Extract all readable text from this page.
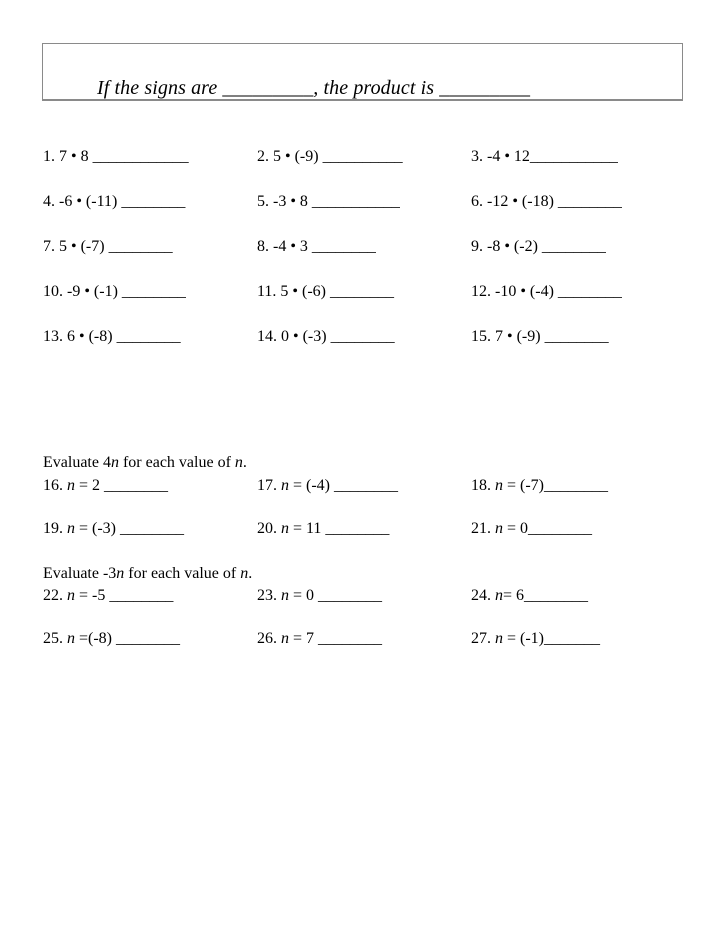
If the signs are _________, the product is _________
1. 7 • 8 ____________	2. 5 • (-9) __________	3. -4 • 12___________
4. -6 • (-11) ________	5. -3 • 8 ___________	6. -12 • (-18) ________
7. 5 • (-7) ________	8. -4 • 3 ________	9. -8 • (-2) ________
10. -9 • (-1) ________	11. 5 • (-6) ________	12. -10 • (-4) ________
13. 6 • (-8) ________	14. 0 • (-3) ________	15. 7 • (-9) ________
Evaluate 4n for each value of n.
16. n = 2 ________	17. n = (-4) ________	18. n = (-7)________
19. n = (-3) ________	20. n = 11 ________	21. n = 0________
Evaluate -3n for each value of n.
22. n = -5 ________	23. n = 0 ________	24. n= 6________
25. n =(-8) ________	26. n = 7 ________	27. n = (-1)_______
